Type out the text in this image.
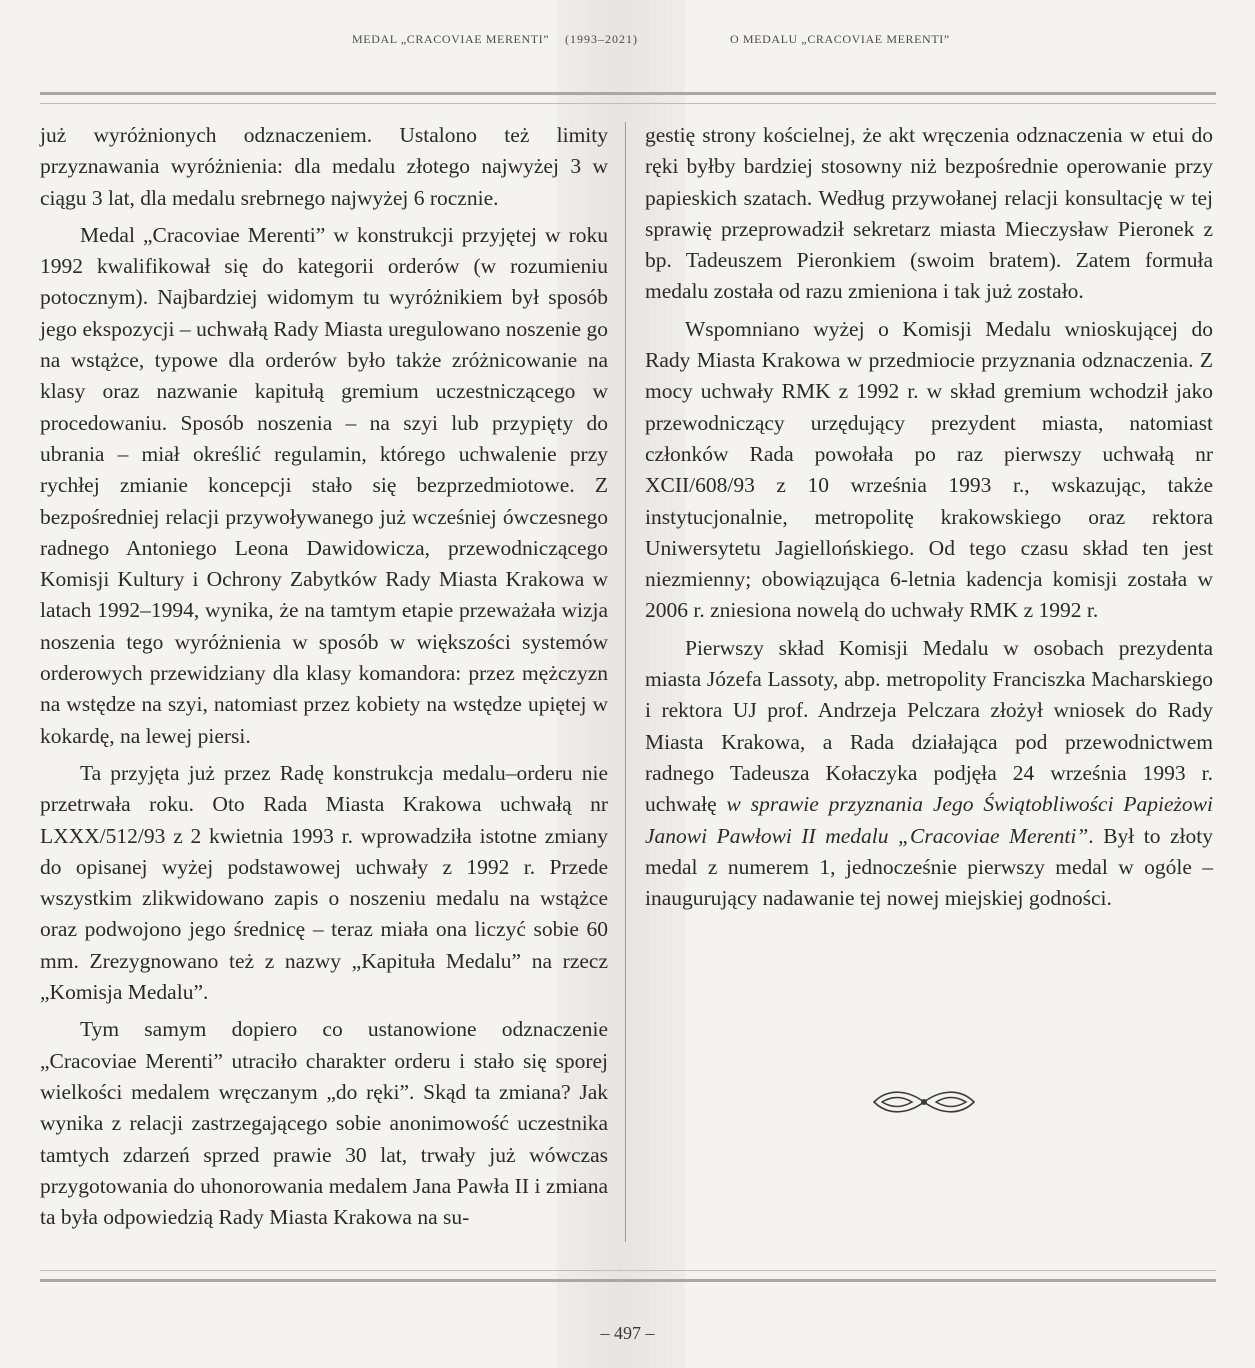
MEDAL „CRACOVIAE MERENTI” (1993–2021)	O MEDALU „CRACOVIAE MERENTI”

już wyróżnionych odznaczeniem. Ustalono też limity przyznawania wyróżnienia: dla medalu złotego najwyżej 3 w ciągu 3 lat, dla medalu srebrnego najwyżej 6 rocznie.

Medal „Cracoviae Merenti” w konstrukcji przyjętej w roku 1992 kwalifikował się do kategorii orderów (w rozumieniu potocznym). Najbardziej widomym tu wyróżnikiem był sposób jego ekspozycji – uchwałą Rady Miasta uregulowano noszenie go na wstążce, typowe dla orderów było także zróżnicowanie na klasy oraz nazwanie kapitułą gremium uczestniczącego w procedowaniu. Sposób noszenia – na szyi lub przypięty do ubrania – miał określić regulamin, którego uchwalenie przy rychłej zmianie koncepcji stało się bezprzedmiotowe. Z bezpośredniej relacji przywoływanego już wcześniej ówczesnego radnego Antoniego Leona Dawidowicza, przewodniczącego Komisji Kultury i Ochrony Zabytków Rady Miasta Krakowa w latach 1992–1994, wynika, że na tamtym etapie przeważała wizja noszenia tego wyróżnienia w sposób w większości systemów orderowych przewidziany dla klasy komandora: przez mężczyzn na wstędze na szyi, natomiast przez kobiety na wstędze upiętej w kokardę, na lewej piersi.

Ta przyjęta już przez Radę konstrukcja medalu–orderu nie przetrwała roku. Oto Rada Miasta Krakowa uchwałą nr LXXX/512/93 z 2 kwietnia 1993 r. wprowadziła istotne zmiany do opisanej wyżej podstawowej uchwały z 1992 r. Przede wszystkim zlikwidowano zapis o noszeniu medalu na wstążce oraz podwojono jego średnicę – teraz miała ona liczyć sobie 60 mm. Zrezygnowano też z nazwy „Kapituła Medalu” na rzecz „Komisja Medalu”.

Tym samym dopiero co ustanowione odznaczenie „Cracoviae Merenti” utraciło charakter orderu i stało się sporej wielkości medalem wręczanym „do ręki”. Skąd ta zmiana? Jak wynika z relacji zastrzegającego sobie anonimowość uczestnika tamtych zdarzeń sprzed prawie 30 lat, trwały już wówczas przygotowania do uhonorowania medalem Jana Pawła II i zmiana ta była odpowiedzią Rady Miasta Krakowa na su-

gestię strony kościelnej, że akt wręczenia odznaczenia w etui do ręki byłby bardziej stosowny niż bezpośrednie operowanie przy papieskich szatach. Według przywołanej relacji konsultację w tej sprawię przeprowadził sekretarz miasta Mieczysław Pieronek z bp. Tadeuszem Pieronkiem (swoim bratem). Zatem formuła medalu została od razu zmieniona i tak już zostało.

Wspomniano wyżej o Komisji Medalu wnioskującej do Rady Miasta Krakowa w przedmiocie przyznania odznaczenia. Z mocy uchwały RMK z 1992 r. w skład gremium wchodził jako przewodniczący urzędujący prezydent miasta, natomiast członków Rada powołała po raz pierwszy uchwałą nr XCII/608/93 z 10 września 1993 r., wskazując, także instytucjonalnie, metropolitę krakowskiego oraz rektora Uniwersytetu Jagiellońskiego. Od tego czasu skład ten jest niezmienny; obowiązująca 6-letnia kadencja komisji została w 2006 r. zniesiona nowelą do uchwały RMK z 1992 r.

Pierwszy skład Komisji Medalu w osobach prezydenta miasta Józefa Lassoty, abp. metropolity Franciszka Macharskiego i rektora UJ prof. Andrzeja Pelczara złożył wniosek do Rady Miasta Krakowa, a Rada działająca pod przewodnictwem radnego Tadeusza Kołaczyka podjęła 24 września 1993 r. uchwałę w sprawie przyznania Jego Świątobliwości Papieżowi Janowi Pawłowi II medalu „Cracoviae Merenti”. Był to złoty medal z numerem 1, jednocześnie pierwszy medal w ogóle – inaugurujący nadawanie tej nowej miejskiej godności.

– 497 –
